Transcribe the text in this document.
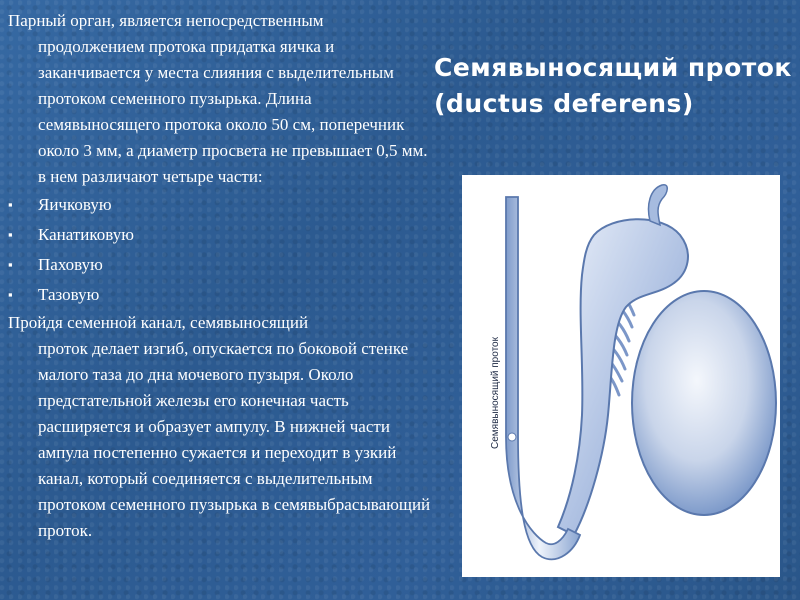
Парный орган, является непосредственным
продолжением протока придатка яичка и заканчивается у места слияния с выделительным протоком семенного пузырька. Длина семявыносящего протока около 50 см, поперечник около 3 мм, а диаметр просвета не превышает 0,5 мм. в нем различают четыре части:

▪ Яичковую
▪ Канатиковую
▪ Паховую
▪ Тазовую

Пройдя семенной канал, семявыносящий
проток делает изгиб, опускается по боковой стенке малого таза до дна мочевого пузыря. Около предстательной железы его конечная часть расширяется и образует ампулу. В нижней части ампула постепенно сужается и переходит в узкий канал, который соединяется с выделительным протоком семенного пузырька в семявыбрасывающий проток.

Семявыносящий проток (ductus deferens)
Семявыносящий проток
